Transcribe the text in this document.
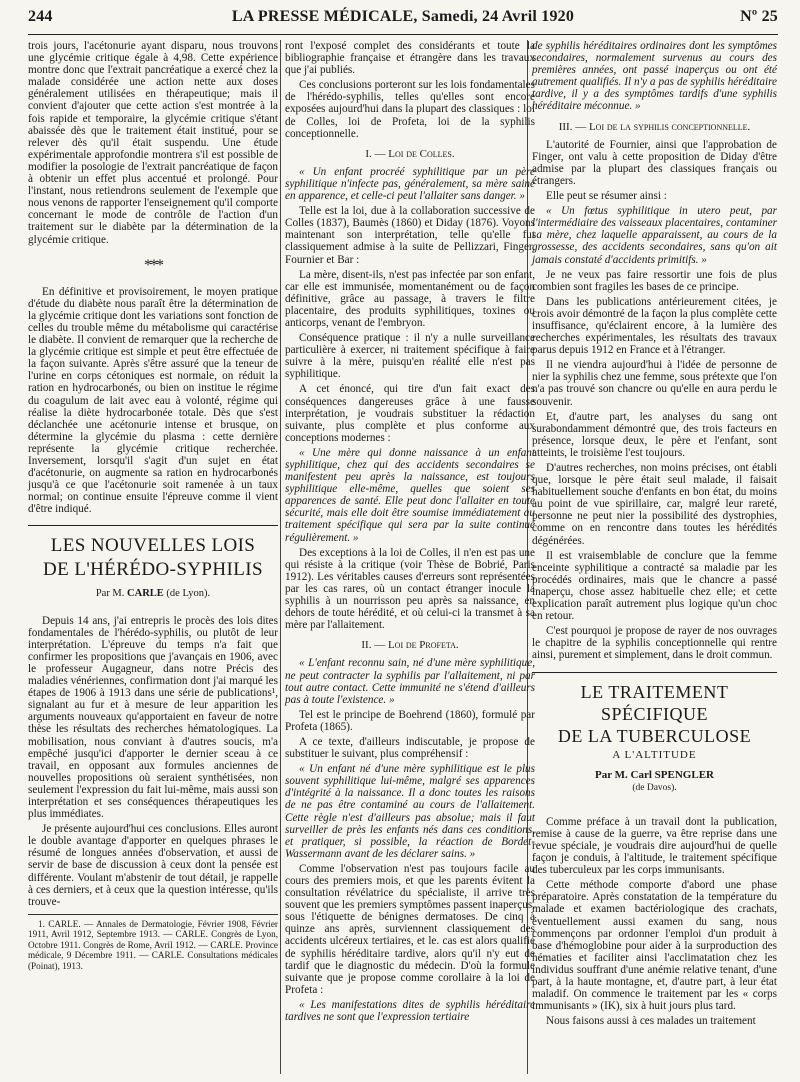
244	LA PRESSE MÉDICALE, Samedi, 24 Avril 1920	Nº 25

trois jours, l'acétonurie ayant disparu, nous trouvons une glycémie critique égale à 4,98. Cette expérience montre donc que l'extrait pancréatique a exercé chez la malade considérée une action nette aux doses généralement utilisées en thérapeutique; mais il convient d'ajouter que cette action s'est montrée à la fois rapide et temporaire, la glycémie critique s'étant abaissée dès que le traitement était institué, pour se relever dès qu'il était suspendu. Une étude expérimentale approfondie montrera s'il est possible de modifier la posologie de l'extrait pancréatique de façon à obtenir un effet plus accentué et prolongé. Pour l'instant, nous retiendrons seulement de l'exemple que nous venons de rapporter l'enseignement qu'il comporte concernant le mode de contrôle de l'action d'un traitement sur le diabète par la détermination de la glycémie critique.

***

En définitive et provisoirement, le moyen pratique d'étude du diabète nous paraît être la détermination de la glycémie critique dont les variations sont fonction de celles du trouble même du métabolisme qui caractérise le diabète. Il convient de remarquer que la recherche de la glycémie critique est simple et peut être effectuée de la façon suivante. Après s'être assuré que la teneur de l'urine en corps cétoniques est normale, on réduit la ration en hydrocarbonés, ou bien on institue le régime du coagulum de lait avec eau à volonté, régime qui réalise la diète hydrocarbonée totale. Dès que s'est déclanchée une acétonurie intense et brusque, on détermine la glycémie du plasma : cette dernière représente la glycémie critique recherchée. Inversement, lorsqu'il s'agit d'un sujet en état d'acétonurie, on augmente sa ration en hydrocarbonés jusqu'à ce que l'acétonurie soit ramenée à un taux normal; on continue ensuite l'épreuve comme il vient d'être indiqué.

LES NOUVELLES LOIS
DE L'HÉRÉDO-SYPHILIS
Par M. CARLE (de Lyon).

Depuis 14 ans, j'ai entrepris le procès des lois dites fondamentales de l'hérédo-syphilis, ou plutôt de leur interprétation. L'épreuve du temps n'a fait que confirmer les propositions que j'avançais en 1906, avec le professeur Augagneur, dans notre Précis des maladies vénériennes, confirmation dont j'ai marqué les étapes de 1906 à 1913 dans une série de publications¹, signalant au fur et à mesure de leur apparition les arguments nouveaux qu'apportaient en faveur de notre thèse les résultats des recherches hématologiques. La mobilisation, nous conviant à d'autres soucis, m'a empêché jusqu'ici d'apporter le dernier sceau à ce travail, en opposant aux formules anciennes de nouvelles propositions où seraient synthétisées, non seulement l'expression du fait lui-même, mais aussi son interprétation et ses conséquences thérapeutiques les plus immédiates.

Je présente aujourd'hui ces conclusions. Elles auront le double avantage d'apporter en quelques phrases le résumé de longues années d'observation, et aussi de servir de base de discussion à ceux dont la pensée est différente. Voulant m'abstenir de tout détail, je rappelle à ces derniers, et à ceux que la question intéresse, qu'ils trouve-

1. CARLE. — Annales de Dermatologie, Février 1908, Février 1911, Avril 1912, Septembre 1913. — CARLE. Congrès de Lyon, Octobre 1911. Congrès de Rome, Avril 1912. — CARLE. Province médicale, 9 Décembre 1911. — CARLE. Consultations médicales (Poinat), 1913.

ront l'exposé complet des considérants et toute la bibliographie française et étrangère dans les travaux que j'ai publiés.

Ces conclusions porteront sur les lois fondamentales de l'hérédo-syphilis, telles qu'elles sont encore exposées aujourd'hui dans la plupart des classiques : loi de Colles, loi de Profeta, loi de la syphilis conceptionnelle.

I. — Loi de Colles.

« Un enfant procréé syphilitique par un père syphilitique n'infecte pas, généralement, sa mère saine en apparence, et celle-ci peut l'allaiter sans danger. »

Telle est la loi, due à la collaboration successive de Colles (1837), Baumès (1860) et Diday (1876). Voyons maintenant son interprétation, telle qu'elle fut classiquement admise à la suite de Pellizzari, Finger, Fournier et Bar :

La mère, disent-ils, n'est pas infectée par son enfant, car elle est immunisée, momentanément ou de façon définitive, grâce au passage, à travers le filtre placentaire, des produits syphilitiques, toxines ou anticorps, venant de l'embryon.

Conséquence pratique : il n'y a nulle surveillance particulière à exercer, ni traitement spécifique à faire suivre à la mère, puisqu'en réalité elle n'est pas syphilitique.

A cet énoncé, qui tire d'un fait exact des conséquences dangereuses grâce à une fausse interprétation, je voudrais substituer la rédaction suivante, plus complète et plus conforme aux conceptions modernes :

« Une mère qui donne naissance à un enfant syphilitique, chez qui des accidents secondaires se manifestent peu après la naissance, est toujours syphilitique elle-même, quelles que soient ses apparences de santé. Elle peut donc l'allaiter en toute sécurité, mais elle doit être soumise immédiatement au traitement spécifique qui sera par la suite continué régulièrement. »

Des exceptions à la loi de Colles, il n'en est pas une qui résiste à la critique (voir Thèse de Bobrié, Paris 1912). Les véritables causes d'erreurs sont représentées par les cas rares, où un contact étranger inocule la syphilis à un nourrisson peu après sa naissance, en dehors de toute hérédité, et où celui-ci la transmet à sa mère par l'allaitement.

II. — Loi de Profeta.

« L'enfant reconnu sain, né d'une mère syphilitique, ne peut contracter la syphilis par l'allaitement, ni par tout autre contact. Cette immunité ne s'étend d'ailleurs pas à toute l'existence. »

Tel est le principe de Boehrend (1860), formulé par Profeta (1865).

A ce texte, d'ailleurs indiscutable, je propose de substituer le suivant, plus compréhensif :

« Un enfant né d'une mère syphilitique est le plus souvent syphilitique lui-même, malgré ses apparences d'intégrité à la naissance. Il a donc toutes les raisons de ne pas être contaminé au cours de l'allaitement. Cette règle n'est d'ailleurs pas absolue; mais il faut surveiller de près les enfants nés dans ces conditions, et pratiquer, si possible, la réaction de Bordet-Wassermann avant de les déclarer sains. »

Comme l'observation n'est pas toujours facile au cours des premiers mois, et que les parents évitent la consultation révélatrice du spécialiste, il arrive très souvent que les premiers symptômes passent inaperçus, sous l'étiquette de bénignes dermatoses. De cinq à quinze ans après, surviennent classiquement des accidents ulcéreux tertiaires, et le. cas est alors qualifié de syphilis héréditaire tardive, alors qu'il n'y eut de tardif que le diagnostic du médecin. D'où la formule suivante que je propose comme corollaire à la loi de Profeta :

« Les manifestations dites de syphilis héréditaire tardives ne sont que l'expression tertiaire

de syphilis héréditaires ordinaires dont les symptômes secondaires, normalement survenus au cours des premières années, ont passé inaperçus ou ont été autrement qualifiés. Il n'y a pas de syphilis héréditaire tardive, il y a des symptômes tardifs d'une syphilis héréditaire méconnue. »

III. — Loi de la syphilis conceptionnelle.

L'autorité de Fournier, ainsi que l'approbation de Finger, ont valu à cette proposition de Diday d'être admise par la plupart des classiques français ou étrangers.

Elle peut se résumer ainsi :

« Un fœtus syphilitique in utero peut, par l'intermédiaire des vaisseaux placentaires, contaminer sa mère, chez laquelle apparaissent, au cours de la grossesse, des accidents secondaires, sans qu'on ait jamais constaté d'accidents primitifs. »

Je ne veux pas faire ressortir une fois de plus combien sont fragiles les bases de ce principe.

Dans les publications antérieurement citées, je crois avoir démontré de la façon la plus complète cette insuffisance, qu'éclairent encore, à la lumière des recherches expérimentales, les résultats des travaux parus depuis 1912 en France et à l'étranger.

Il ne viendra aujourd'hui à l'idée de personne de nier la syphilis chez une femme, sous prétexte que l'on n'a pas trouvé son chancre ou qu'elle en aura perdu le souvenir.

Et, d'autre part, les analyses du sang ont surabondamment démontré que, des trois facteurs en présence, lorsque deux, le père et l'enfant, sont atteints, le troisième l'est toujours.

D'autres recherches, non moins précises, ont établi que, lorsque le père était seul malade, il faisait habituellement souche d'enfants en bon état, du moins au point de vue spirillaire, car, malgré leur rareté, personne ne peut nier la possibilité des dystrophies, comme on en rencontre dans toutes les hérédités dégénérées.

Il est vraisemblable de conclure que la femme enceinte syphilitique a contracté sa maladie par les procédés ordinaires, mais que le chancre a passé inaperçu, chose assez habituelle chez elle; et cette explication paraît autrement plus logique qu'un choc en retour.

C'est pourquoi je propose de rayer de nos ouvrages le chapitre de la syphilis conceptionnelle qui rentre ainsi, purement et simplement, dans le droit commun.

LE TRAITEMENT SPÉCIFIQUE
DE LA TUBERCULOSE
A L'ALTITUDE
Par M. Carl SPENGLER
(de Davos).

Comme préface à un travail dont la publication, remise à cause de la guerre, va être reprise dans une revue spéciale, je voudrais dire aujourd'hui de quelle façon je conduis, à l'altitude, le traitement spécifique des tuberculeux par les corps immunisants.

Cette méthode comporte d'abord une phase préparatoire. Après constatation de la température du malade et examen bactériologique des crachats, éventuellement aussi examen du sang, nous commençons par ordonner l'emploi d'un produit à base d'hémoglobine pour aider à la surproduction des hématies et faciliter ainsi l'acclimatation chez les individus souffrant d'une anémie relative tenant, d'une part, à la haute montagne, et, d'autre part, à leur état maladif. On commence le traitement par les « corps immunisants » (IK), six à huit jours plus tard.

Nous faisons aussi à ces malades un traitement
